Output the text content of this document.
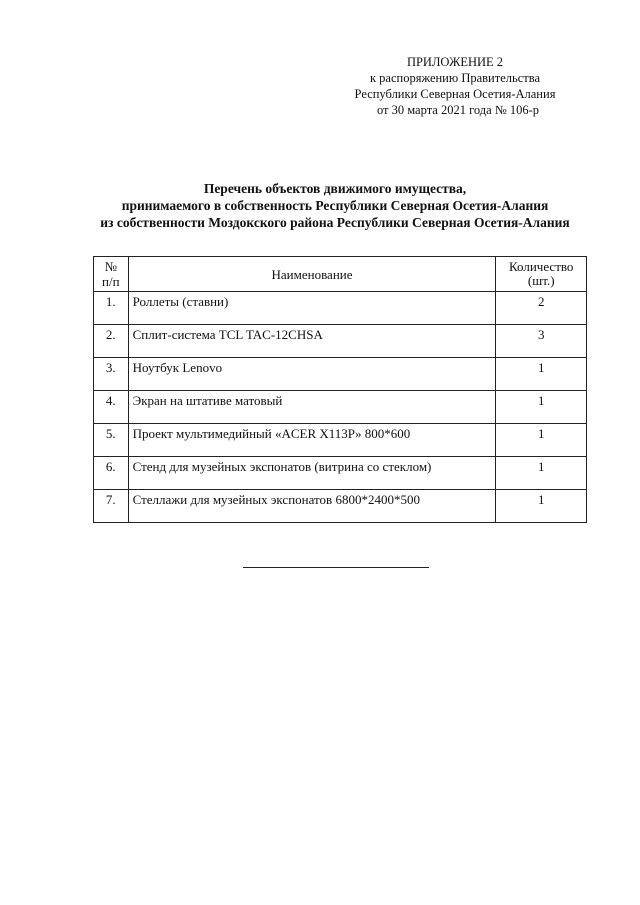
ПРИЛОЖЕНИЕ 2
к распоряжению Правительства
Республики Северная Осетия-Алания
от 30 марта 2021 года № 106-р
Перечень объектов движимого имущества,
принимаемого в собственность Республики Северная Осетия-Алания
из собственности Моздокского района Республики Северная Осетия-Алания
№
п/п	Наименование	Количество
(шт.)
1.	Роллеты (ставни)	2
2.	Сплит-система TCL TAC-12CHSA	3
3.	Ноутбук Lenovo	1
4.	Экран на штативе матовый	1
5.	Проект мультимедийный «ACER X113P» 800*600	1
6.	Стенд для музейных экспонатов (витрина со стеклом)	1
7.	Стеллажи для музейных экспонатов 6800*2400*500	1
